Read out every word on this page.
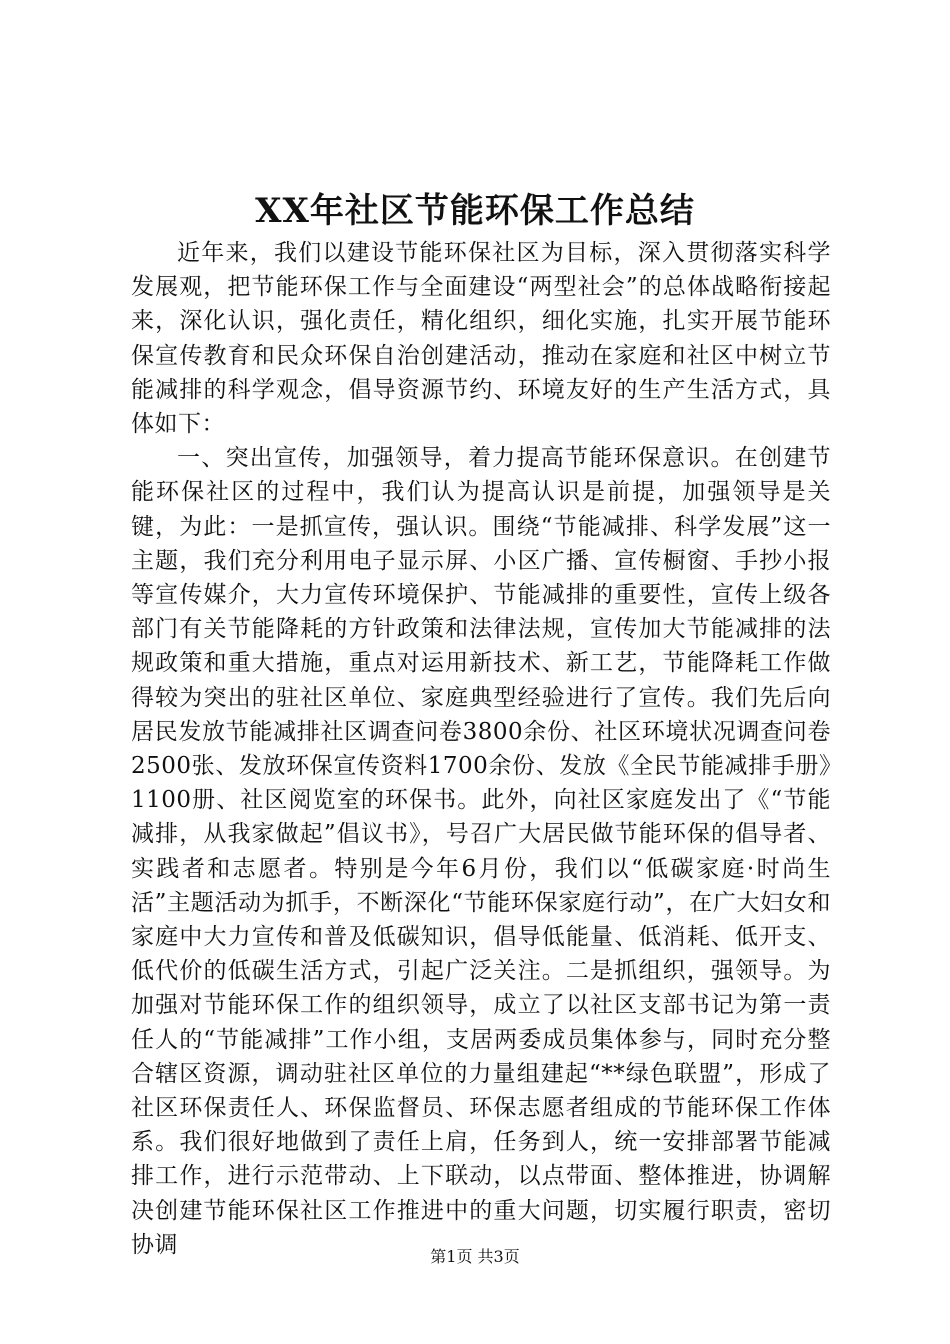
XX年社区节能环保工作总结

近年来，我们以建设节能环保社区为目标，深入贯彻落实科学发展观，把节能环保工作与全面建设“两型社会”的总体战略衔接起来，深化认识，强化责任，精化组织，细化实施，扎实开展节能环保宣传教育和民众环保自治创建活动，推动在家庭和社区中树立节能减排的科学观念，倡导资源节约、环境友好的生产生活方式，具体如下：

一、突出宣传，加强领导，着力提高节能环保意识。在创建节能环保社区的过程中，我们认为提高认识是前提，加强领导是关键，为此：一是抓宣传，强认识。围绕“节能减排、科学发展”这一主题，我们充分利用电子显示屏、小区广播、宣传橱窗、手抄小报等宣传媒介，大力宣传环境保护、节能减排的重要性，宣传上级各部门有关节能降耗的方针政策和法律法规，宣传加大节能减排的法规政策和重大措施，重点对运用新技术、新工艺，节能降耗工作做得较为突出的驻社区单位、家庭典型经验进行了宣传。我们先后向居民发放节能减排社区调查问卷3800余份、社区环境状况调查问卷2500张、发放环保宣传资料1700余份、发放《全民节能减排手册》1100册、社区阅览室的环保书。此外，向社区家庭发出了《“节能减排，从我家做起”倡议书》，号召广大居民做节能环保的倡导者、实践者和志愿者。特别是今年6月份，我们以“低碳家庭·时尚生活”主题活动为抓手，不断深化“节能环保家庭行动”，在广大妇女和家庭中大力宣传和普及低碳知识，倡导低能量、低消耗、低开支、低代价的低碳生活方式，引起广泛关注。二是抓组织，强领导。为加强对节能环保工作的组织领导，成立了以社区支部书记为第一责任人的“节能减排”工作小组，支居两委成员集体参与，同时充分整合辖区资源，调动驻社区单位的力量组建起“**绿色联盟”，形成了社区环保责任人、环保监督员、环保志愿者组成的节能环保工作体系。我们很好地做到了责任上肩，任务到人，统一安排部署节能减排工作，进行示范带动、上下联动，以点带面、整体推进，协调解决创建节能环保社区工作推进中的重大问题，切实履行职责，密切协调	第1页 共3页
